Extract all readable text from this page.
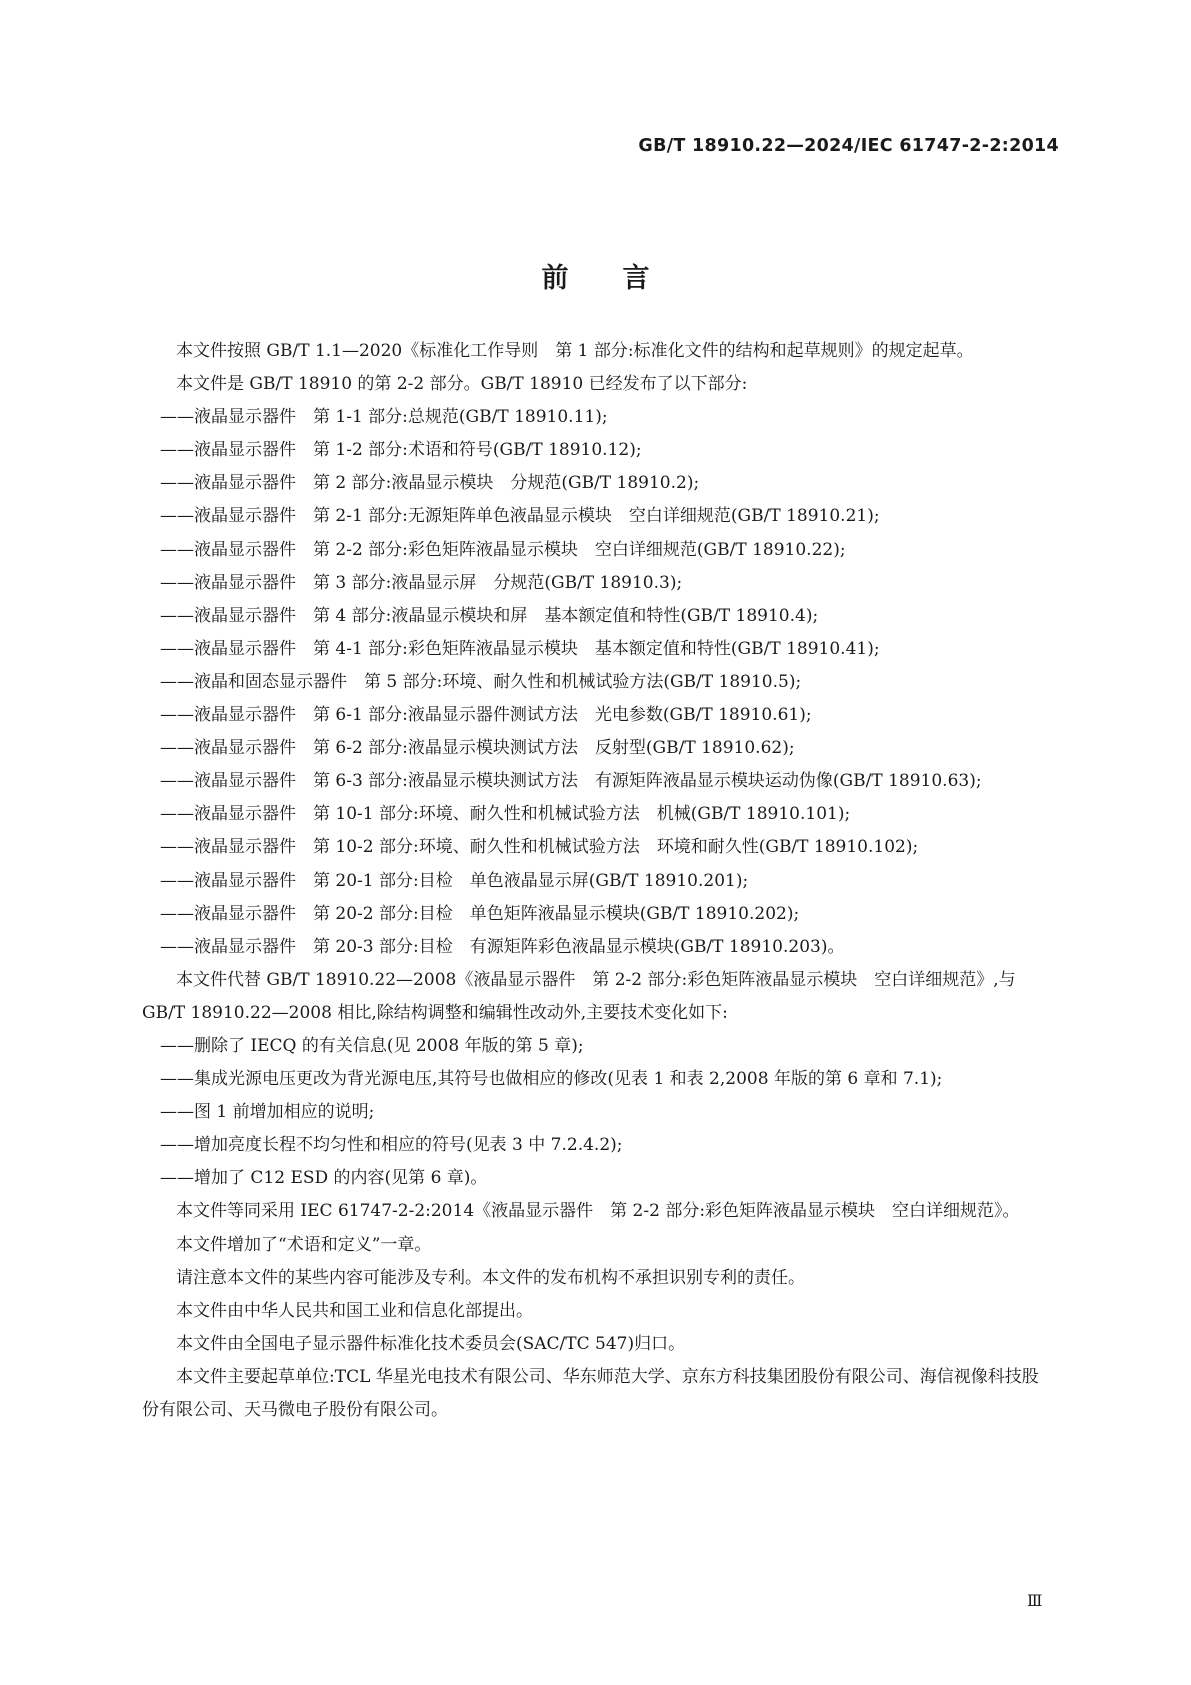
GB/T 18910.22—2024/IEC 61747-2-2:2014
前言

本文件按照 GB/T 1.1—2020《标准化工作导则　第 1 部分:标准化文件的结构和起草规则》的规定起草。

本文件是 GB/T 18910 的第 2-2 部分。GB/T 18910 已经发布了以下部分:

——液晶显示器件　第 1-1 部分:总规范(GB/T 18910.11);

——液晶显示器件　第 1-2 部分:术语和符号(GB/T 18910.12);

——液晶显示器件　第 2 部分:液晶显示模块　分规范(GB/T 18910.2);

——液晶显示器件　第 2-1 部分:无源矩阵单色液晶显示模块　空白详细规范(GB/T 18910.21);

——液晶显示器件　第 2-2 部分:彩色矩阵液晶显示模块　空白详细规范(GB/T 18910.22);

——液晶显示器件　第 3 部分:液晶显示屏　分规范(GB/T 18910.3);

——液晶显示器件　第 4 部分:液晶显示模块和屏　基本额定值和特性(GB/T 18910.4);

——液晶显示器件　第 4-1 部分:彩色矩阵液晶显示模块　基本额定值和特性(GB/T 18910.41);

——液晶和固态显示器件　第 5 部分:环境、耐久性和机械试验方法(GB/T 18910.5);

——液晶显示器件　第 6-1 部分:液晶显示器件测试方法　光电参数(GB/T 18910.61);

——液晶显示器件　第 6-2 部分:液晶显示模块测试方法　反射型(GB/T 18910.62);

——液晶显示器件　第 6-3 部分:液晶显示模块测试方法　有源矩阵液晶显示模块运动伪像(GB/T 18910.63);

——液晶显示器件　第 10-1 部分:环境、耐久性和机械试验方法　机械(GB/T 18910.101);

——液晶显示器件　第 10-2 部分:环境、耐久性和机械试验方法　环境和耐久性(GB/T 18910.102);

——液晶显示器件　第 20-1 部分:目检　单色液晶显示屏(GB/T 18910.201);

——液晶显示器件　第 20-2 部分:目检　单色矩阵液晶显示模块(GB/T 18910.202);

——液晶显示器件　第 20-3 部分:目检　有源矩阵彩色液晶显示模块(GB/T 18910.203)。

本文件代替 GB/T 18910.22—2008《液晶显示器件　第 2-2 部分:彩色矩阵液晶显示模块　空白详细规范》,与 GB/T 18910.22—2008 相比,除结构调整和编辑性改动外,主要技术变化如下:

——删除了 IECQ 的有关信息(见 2008 年版的第 5 章);

——集成光源电压更改为背光源电压,其符号也做相应的修改(见表 1 和表 2,2008 年版的第 6 章和 7.1);

——图 1 前增加相应的说明;

——增加亮度长程不均匀性和相应的符号(见表 3 中 7.2.4.2);

——增加了 C12 ESD 的内容(见第 6 章)。

本文件等同采用 IEC 61747-2-2:2014《液晶显示器件　第 2-2 部分:彩色矩阵液晶显示模块　空白详细规范》。

本文件增加了“术语和定义”一章。

请注意本文件的某些内容可能涉及专利。本文件的发布机构不承担识别专利的责任。

本文件由中华人民共和国工业和信息化部提出。

本文件由全国电子显示器件标准化技术委员会(SAC/TC 547)归口。

本文件主要起草单位:TCL 华星光电技术有限公司、华东师范大学、京东方科技集团股份有限公司、海信视像科技股份有限公司、天马微电子股份有限公司。

Ⅲ
